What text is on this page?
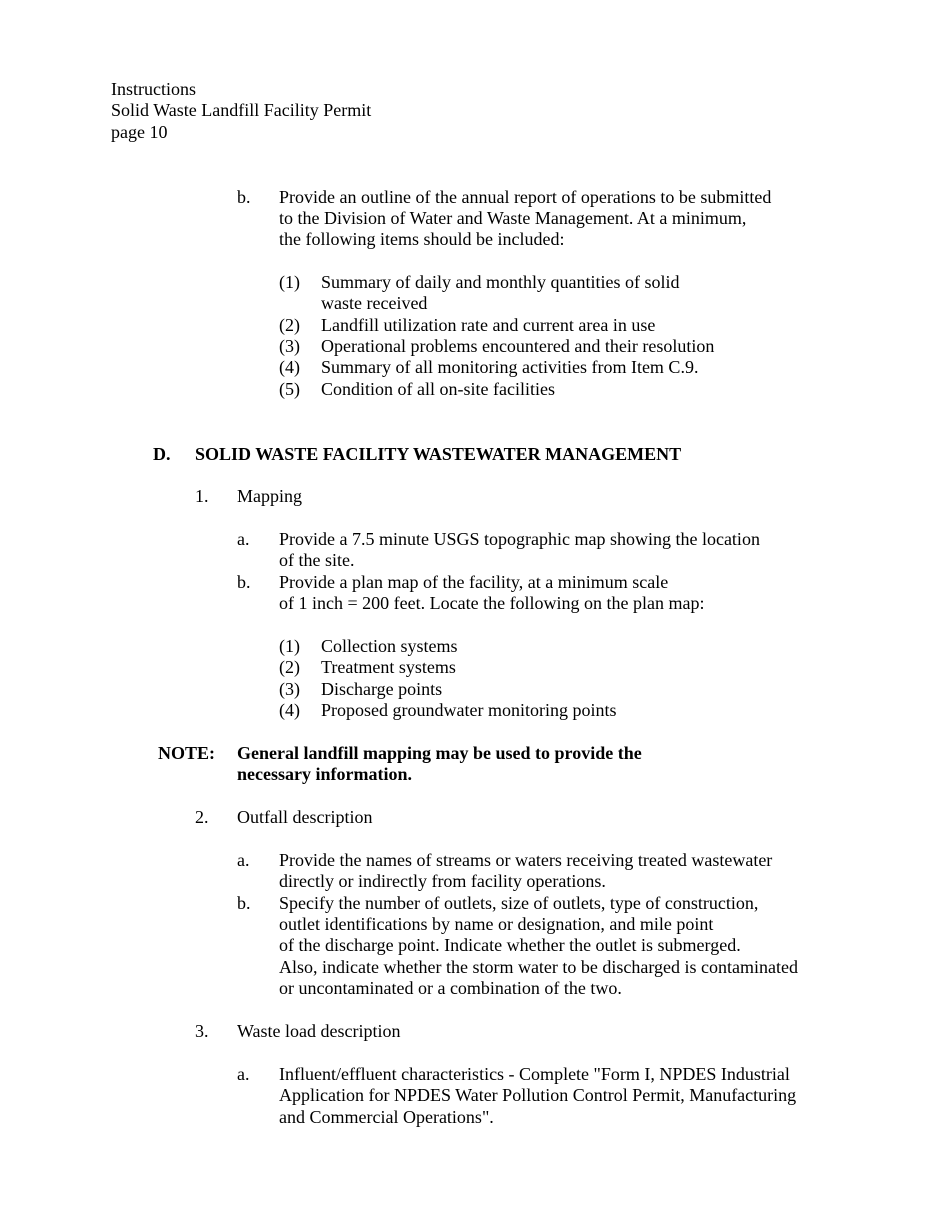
Instructions
Solid Waste Landfill Facility Permit
page 10
b. Provide an outline of the annual report of operations to be submitted
to the Division of Water and Waste Management. At a minimum,
the following items should be included:
(1) Summary of daily and monthly quantities of solid
waste received
(2) Landfill utilization rate and current area in use
(3) Operational problems encountered and their resolution
(4) Summary of all monitoring activities from Item C.9.
(5) Condition of all on-site facilities
D. SOLID WASTE FACILITY WASTEWATER MANAGEMENT
1. Mapping
a. Provide a 7.5 minute USGS topographic map showing the location
of the site.
b. Provide a plan map of the facility, at a minimum scale
of 1 inch = 200 feet. Locate the following on the plan map:
(1) Collection systems
(2) Treatment systems
(3) Discharge points
(4) Proposed groundwater monitoring points
NOTE: General landfill mapping may be used to provide the
necessary information.
2. Outfall description
a. Provide the names of streams or waters receiving treated wastewater
directly or indirectly from facility operations.
b. Specify the number of outlets, size of outlets, type of construction,
outlet identifications by name or designation, and mile point
of the discharge point. Indicate whether the outlet is submerged.
Also, indicate whether the storm water to be discharged is contaminated
or uncontaminated or a combination of the two.
3. Waste load description
a. Influent/effluent characteristics - Complete "Form I, NPDES Industrial
Application for NPDES Water Pollution Control Permit, Manufacturing
and Commercial Operations".
